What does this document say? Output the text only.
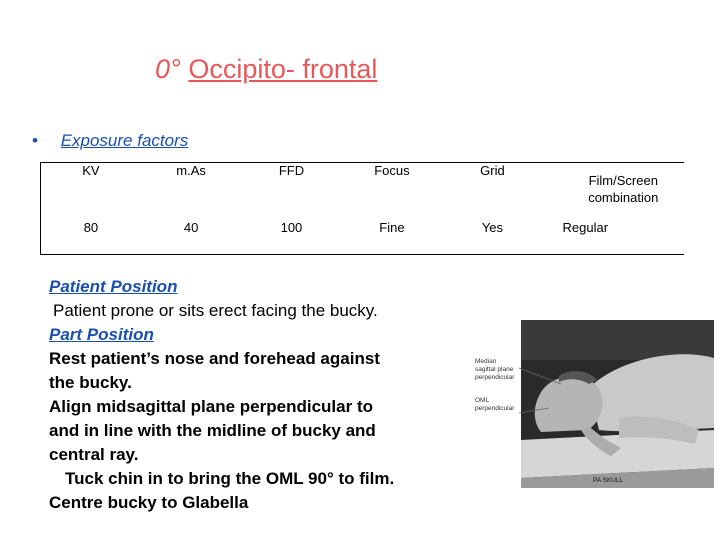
0° Occipito- frontal
• Exposure factors
KV	m.As	FFD	Focus	Grid	Film/Screen combination
80	40	100	Fine	Yes	Regular
Patient Position
Patient prone or sits erect facing the bucky.
Part Position
Rest patient’s nose and forehead against
the bucky.
Align midsagittal plane perpendicular to
and in line with the midline of bucky and
central ray.
Tuck chin in to bring the OML 90° to film.
Centre bucky to Glabella
Median
sagittal plane
perpendicular
OML
perpendicular
PA SKULL
